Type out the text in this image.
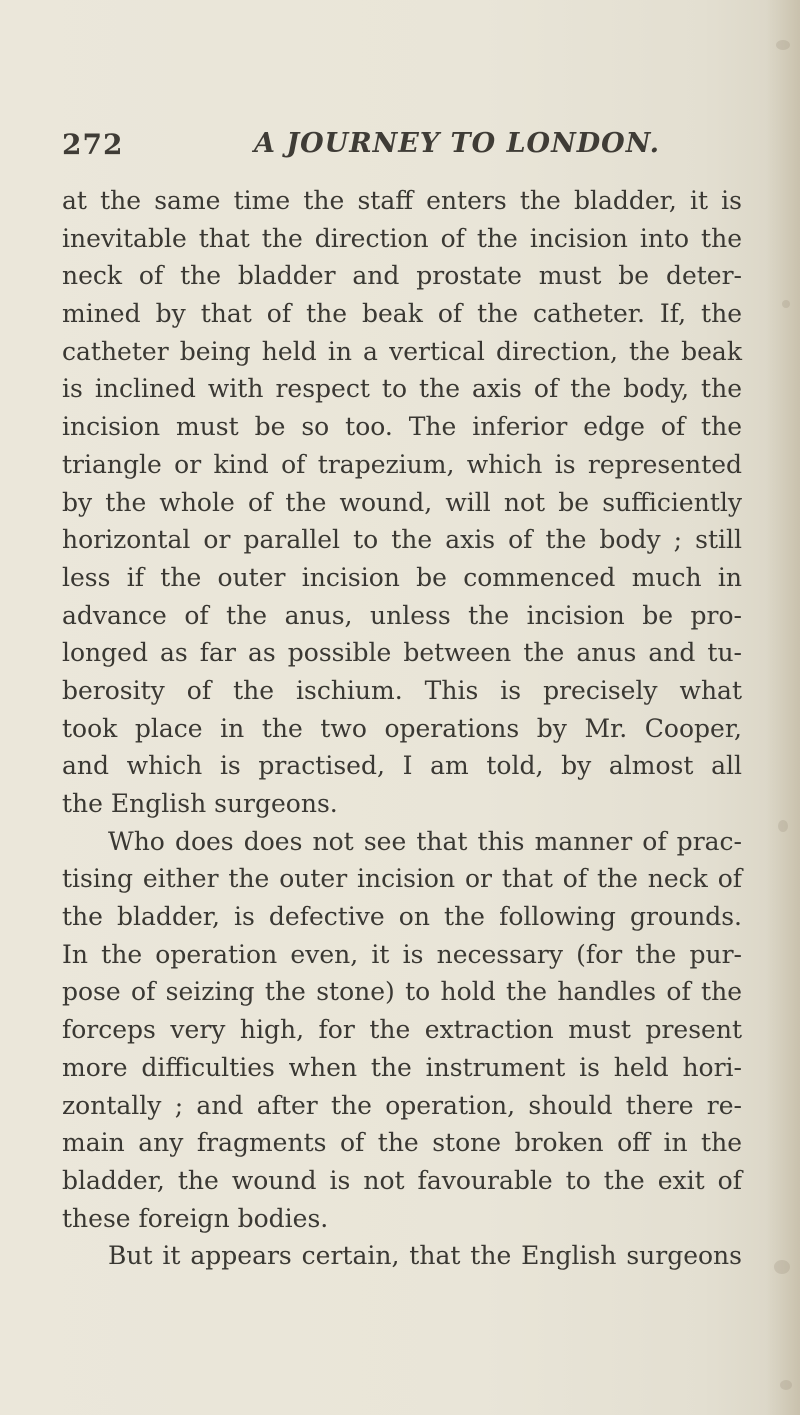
272	A JOURNEY TO LONDON.
at the same time the staff enters the bladder, it is
inevitable that the direction of the incision into the
neck of the bladder and prostate must be deter-
mined by that of the beak of the catheter. If, the
catheter being held in a vertical direction, the beak
is inclined with respect to the axis of the body, the
incision must be so too. The inferior edge of the
triangle or kind of trapezium, which is represented
by the whole of the wound, will not be sufficiently
horizontal or parallel to the axis of the body ; still
less if the outer incision be commenced much in
advance of the anus, unless the incision be pro-
longed as far as possible between the anus and tu-
berosity of the ischium. This is precisely what
took place in the two operations by Mr. Cooper,
and which is practised, I am told, by almost all
the English surgeons.
Who does does not see that this manner of prac-
tising either the outer incision or that of the neck of
the bladder, is defective on the following grounds.
In the operation even, it is necessary (for the pur-
pose of seizing the stone) to hold the handles of the
forceps very high, for the extraction must present
more difficulties when the instrument is held hori-
zontally ; and after the operation, should there re-
main any fragments of the stone broken off in the
bladder, the wound is not favourable to the exit of
these foreign bodies.
But it appears certain, that the English surgeons
